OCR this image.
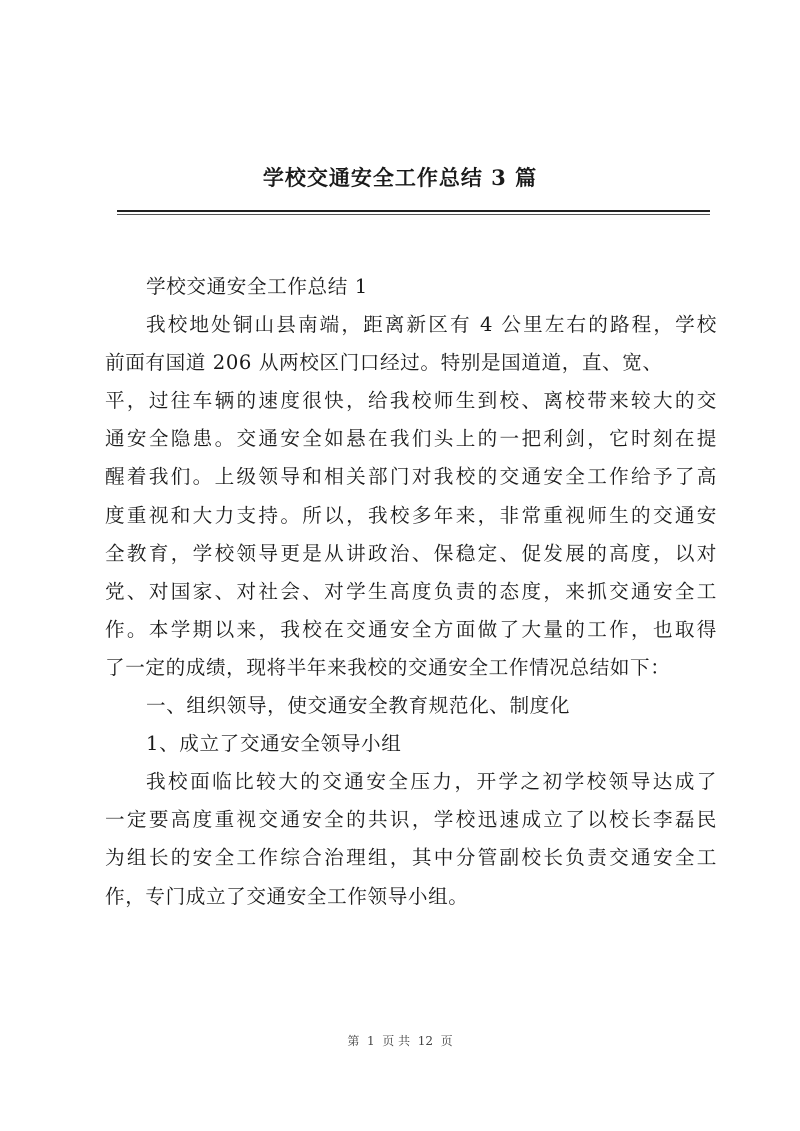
学校交通安全工作总结 3 篇
学校交通安全工作总结 1
我校地处铜山县南端，距离新区有 4 公里左右的路程，学校
前面有国道 206 从两校区门口经过。特别是国道道，直、宽、
平，过往车辆的速度很快，给我校师生到校、离校带来较大的交
通安全隐患。交通安全如悬在我们头上的一把利剑，它时刻在提
醒着我们。上级领导和相关部门对我校的交通安全工作给予了高
度重视和大力支持。所以，我校多年来，非常重视师生的交通安
全教育，学校领导更是从讲政治、保稳定、促发展的高度，以对
党、对国家、对社会、对学生高度负责的态度，来抓交通安全工
作。本学期以来，我校在交通安全方面做了大量的工作，也取得
了一定的成绩，现将半年来我校的交通安全工作情况总结如下：
一、组织领导，使交通安全教育规范化、制度化
1、成立了交通安全领导小组
我校面临比较大的交通安全压力，开学之初学校领导达成了
一定要高度重视交通安全的共识，学校迅速成立了以校长李磊民
为组长的安全工作综合治理组，其中分管副校长负责交通安全工
作，专门成立了交通安全工作领导小组。
第  1  页 共  12  页
